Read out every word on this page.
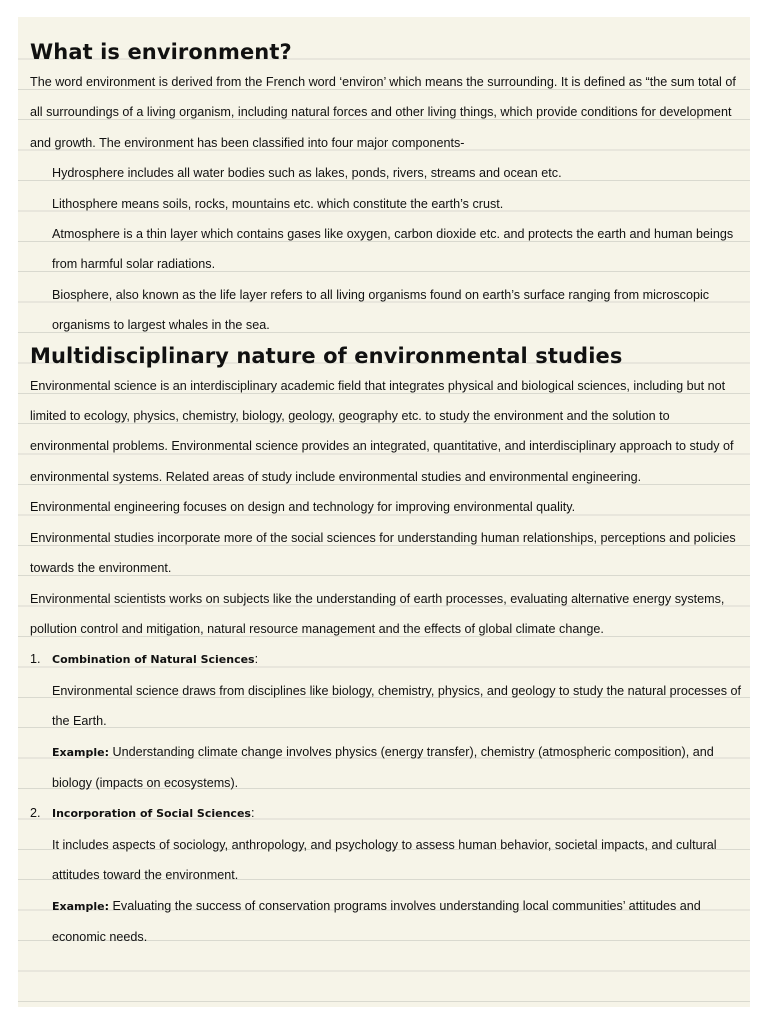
What is environment?

The word environment is derived from the French word ‘environ’ which means the surrounding. It is defined as “the sum total of all surroundings of a living organism, including natural forces and other living things, which provide conditions for development and growth. The environment has been classified into four major components-

Hydrosphere includes all water bodies such as lakes, ponds, rivers, streams and ocean etc.

Lithosphere means soils, rocks, mountains etc. which constitute the earth’s crust.

Atmosphere is a thin layer which contains gases like oxygen, carbon dioxide etc. and protects the earth and human beings from harmful solar radiations.

Biosphere, also known as the life layer refers to all living organisms found on earth’s surface ranging from microscopic organisms to largest whales in the sea.

Multidisciplinary nature of environmental studies

Environmental science is an interdisciplinary academic field that integrates physical and biological sciences, including but not limited to ecology, physics, chemistry, biology, geology, geography etc. to study the environment and the solution to environmental problems. Environmental science provides an integrated, quantitative, and interdisciplinary approach to study of environmental systems. Related areas of study include environmental studies and environmental engineering.

Environmental engineering focuses on design and technology for improving environmental quality.

Environmental studies incorporate more of the social sciences for understanding human relationships, perceptions and policies towards the environment.

Environmental scientists works on subjects like the understanding of earth processes, evaluating alternative energy systems, pollution control and mitigation, natural resource management and the effects of global climate change.

1. Combination of Natural Sciences:

Environmental science draws from disciplines like biology, chemistry, physics, and geology to study the natural processes of the Earth.

Example: Understanding climate change involves physics (energy transfer), chemistry (atmospheric composition), and biology (impacts on ecosystems).

2. Incorporation of Social Sciences:

It includes aspects of sociology, anthropology, and psychology to assess human behavior, societal impacts, and cultural attitudes toward the environment.

Example: Evaluating the success of conservation programs involves understanding local communities’ attitudes and economic needs.
